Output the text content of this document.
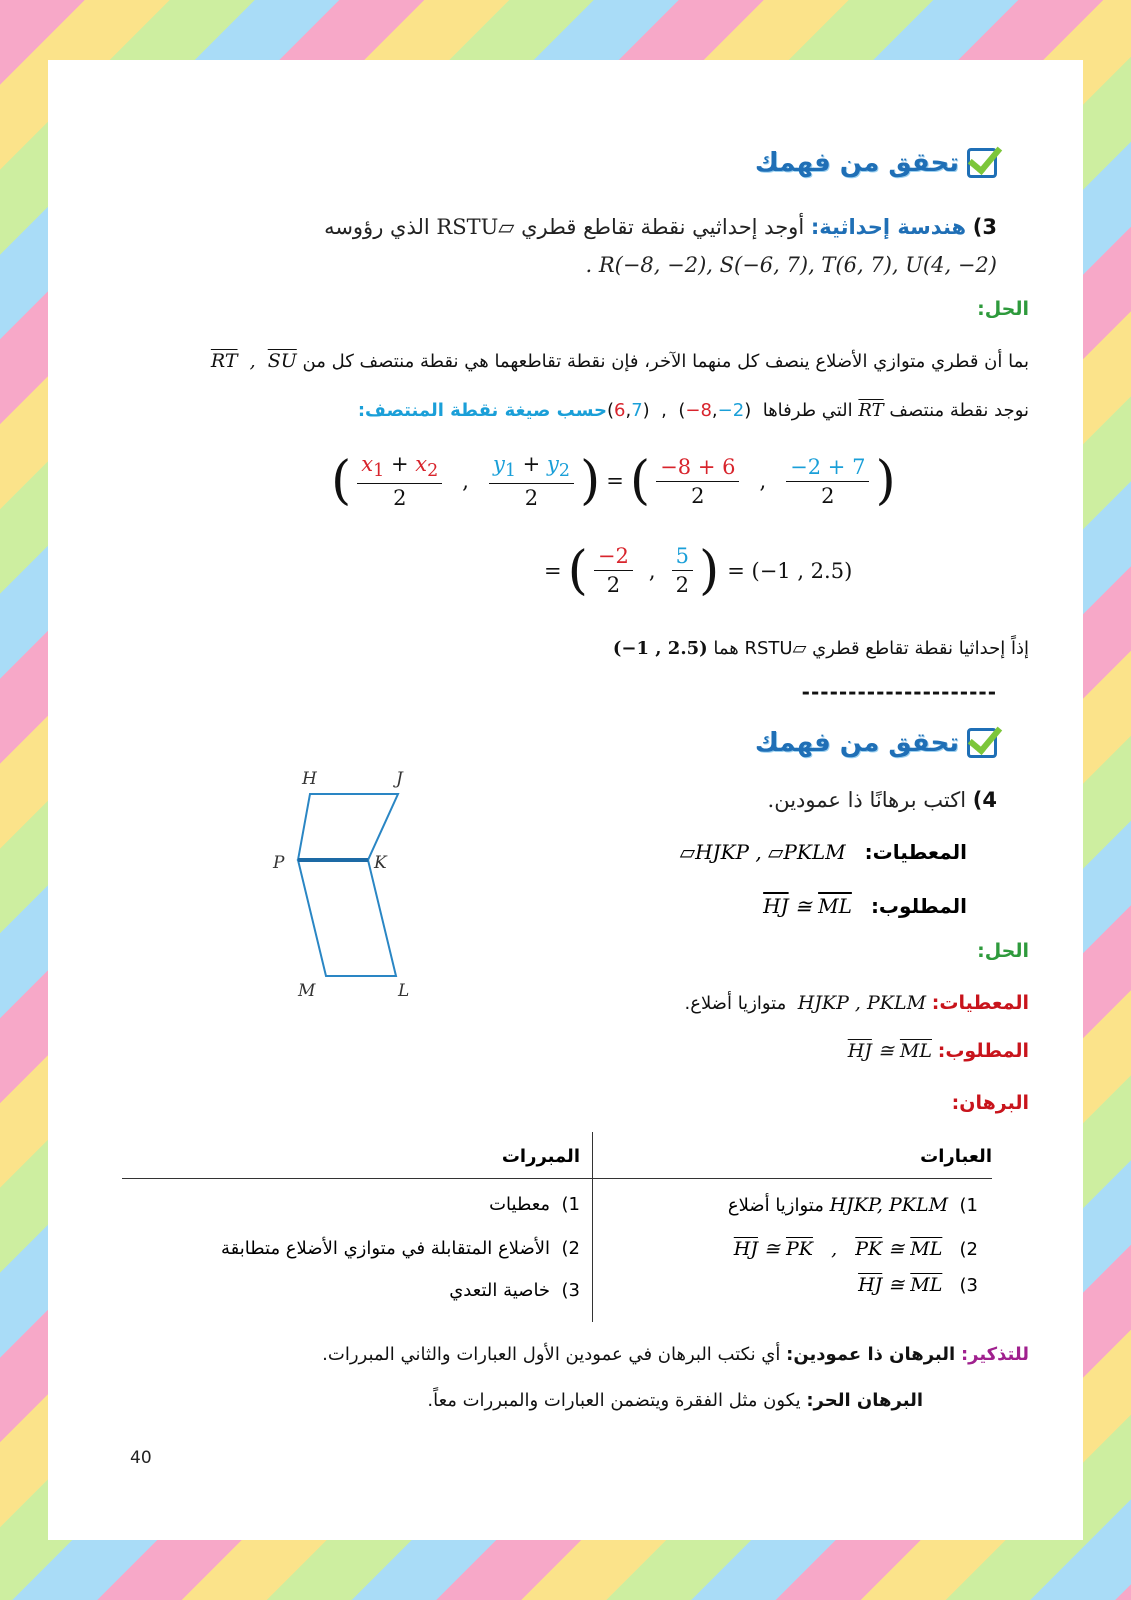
تحقق من فهمك
3) هندسة إحداثية: أوجد إحداثيي نقطة تقاطع قطري ▱RSTU الذي رؤوسه
. R(−8, −2), S(−6, 7), T(6, 7), U(4, −2)
الحل:
بما أن قطري متوازي الأضلاع ينصف كل منهما الآخر، فإن نقطة تقاطعهما هي نقطة منتصف كل من $\overline{RT}$ , $\overline{SU}$
نوجد نقطة منتصف RT التي طرفاها (6,7) , (−8,−2) حسب صيغة نقطة المنتصف:
( $\frac{x_1 + x_2}{2}$ , $\frac{y_1 + y_2}{2}$ ) = ( $\frac{-8 + 6}{2}$ , $\frac{-2 + 7}{2}$ )
= ( $\frac{-2}{2}$ , $\frac{5}{2}$ ) = (−1 , 2.5)
إذاً إحداثيا نقطة تقاطع قطري ▱RSTU هما (−1 , 2.5)
---------------------
تحقق من فهمك
4) اكتب برهانًا ذا عمودين.
المعطيات:   ▱HJKP , ▱PKLM
المطلوب:   $\overline{HJ}$ ≅ $\overline{ML}$
H	J
P	K
M	L
الحل:
المعطيات: HJKP , PKLM  متوازيا أضلاع.
المطلوب: $\overline{HJ}$ ≅ $\overline{ML}$
البرهان:
العبارات
المبررات
1)  HJKP, PKLM متوازيا أضلاع
1)  معطيات
2)   $\overline{HJ}$ ≅ $\overline{PK}$ , $\overline{PK}$ ≅ $\overline{ML}$
2)  الأضلاع المتقابلة في متوازي الأضلاع متطابقة
3)   $\overline{HJ}$ ≅ $\overline{ML}$
3)  خاصية التعدي
للتذكير: البرهان ذا عمودين: أي نكتب البرهان في عمودين الأول العبارات والثاني المبررات.
البرهان الحر: يكون مثل الفقرة ويتضمن العبارات والمبررات معاً.
40
